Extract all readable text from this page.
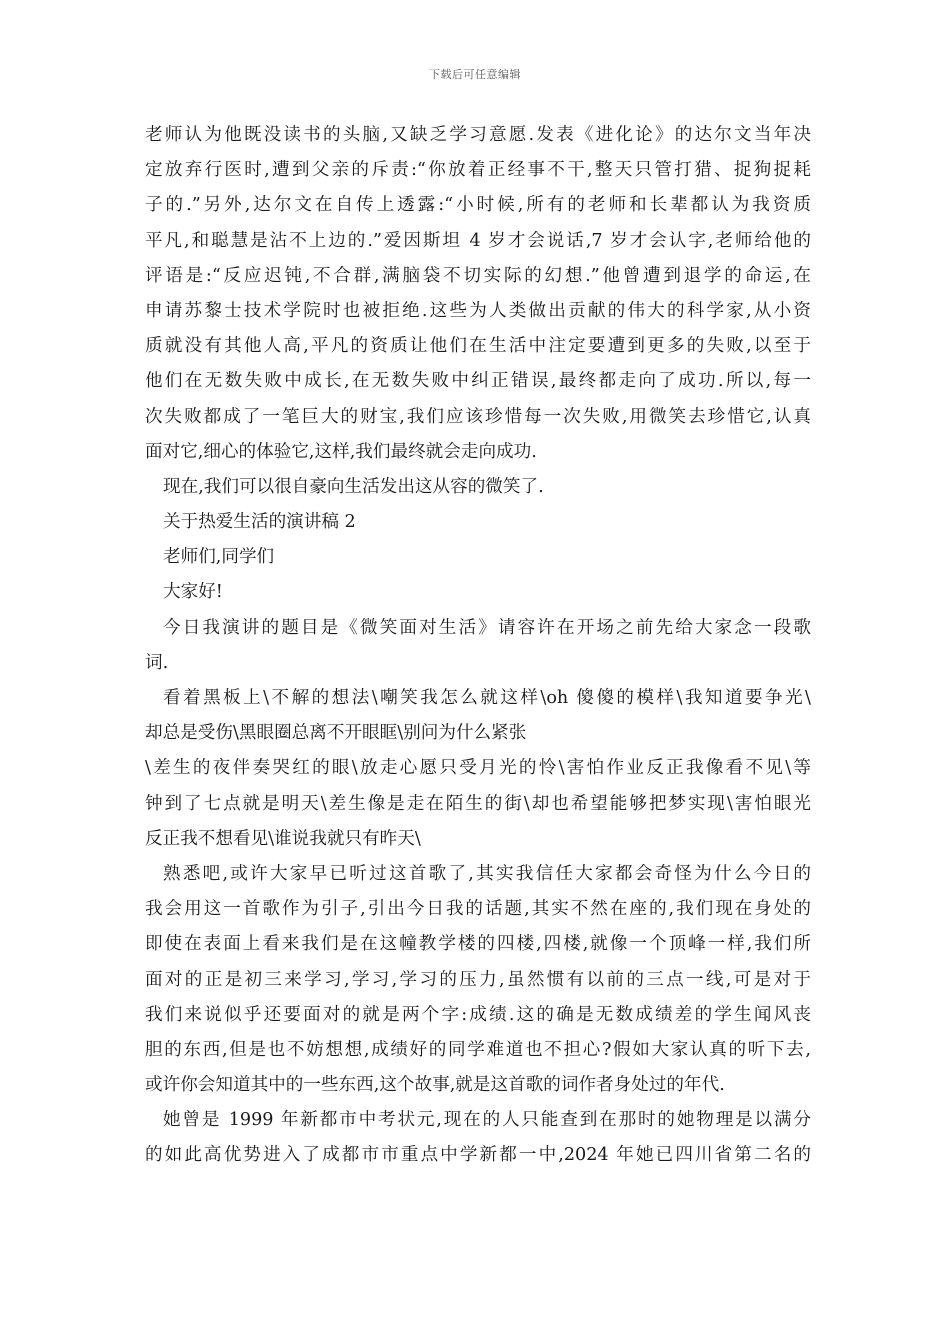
下载后可任意编辑
老师认为他既没读书的头脑,又缺乏学习意愿.发表《进化论》的达尔文当年决
定放弃行医时,遭到父亲的斥责:“你放着正经事不干,整天只管打猎、捉狗捉耗
子的.”另外,达尔文在自传上透露:“小时候,所有的老师和长辈都认为我资质
平凡,和聪慧是沾不上边的.”爱因斯坦 4 岁才会说话,7 岁才会认字,老师给他的
评语是:“反应迟钝,不合群,满脑袋不切实际的幻想.”他曾遭到退学的命运,在
申请苏黎士技术学院时也被拒绝.这些为人类做出贡献的伟大的科学家,从小资
质就没有其他人高,平凡的资质让他们在生活中注定要遭到更多的失败,以至于
他们在无数失败中成长,在无数失败中纠正错误,最终都走向了成功.所以,每一
次失败都成了一笔巨大的财宝,我们应该珍惜每一次失败,用微笑去珍惜它,认真
面对它,细心的体验它,这样,我们最终就会走向成功.
现在,我们可以很自豪向生活发出这从容的微笑了.
关于热爱生活的演讲稿 2
老师们,同学们
大家好!
今日我演讲的题目是《微笑面对生活》请容许在开场之前先给大家念一段歌
词.
看着黑板上\不解的想法\嘲笑我怎么就这样\oh 傻傻的模样\我知道要争光\
却总是受伤\黑眼圈总离不开眼眶\别问为什么紧张
\差生的夜伴奏哭红的眼\放走心愿只受月光的怜\害怕作业反正我像看不见\等
钟到了七点就是明天\差生像是走在陌生的街\却也希望能够把梦实现\害怕眼光
反正我不想看见\谁说我就只有昨天\
熟悉吧,或许大家早已听过这首歌了,其实我信任大家都会奇怪为什么今日的
我会用这一首歌作为引子,引出今日我的话题,其实不然在座的,我们现在身处的
即使在表面上看来我们是在这幢教学楼的四楼,四楼,就像一个顶峰一样,我们所
面对的正是初三来学习,学习,学习的压力,虽然惯有以前的三点一线,可是对于
我们来说似乎还要面对的就是两个字:成绩.这的确是无数成绩差的学生闻风丧
胆的东西,但是也不妨想想,成绩好的同学难道也不担心?假如大家认真的听下去,
或许你会知道其中的一些东西,这个故事,就是这首歌的词作者身处过的年代.
她曾是 1999 年新都市中考状元,现在的人只能查到在那时的她物理是以满分
的如此高优势进入了成都市市重点中学新都一中,2024 年她已四川省第二名的
